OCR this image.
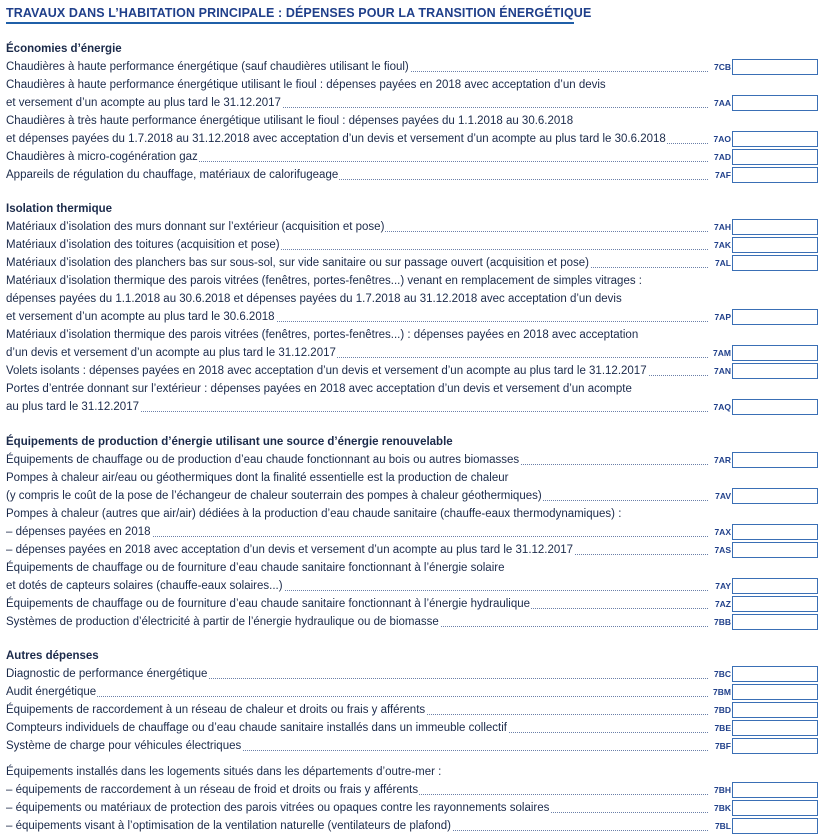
TRAVAUX DANS L’HABITATION PRINCIPALE : DÉPENSES POUR LA TRANSITION ÉNERGÉTIQUE
Économies d’énergie
Chaudières à haute performance énergétique (sauf chaudières utilisant le fioul)	7CB
Chaudières à haute performance énergétique utilisant le fioul : dépenses payées en 2018 avec acceptation d’un devis
et versement d’un acompte au plus tard le 31.12.2017	7AA
Chaudières à très haute performance énergétique utilisant le fioul : dépenses payées du 1.1.2018 au 30.6.2018
et dépenses payées du 1.7.2018 au 31.12.2018 avec acceptation d’un devis et versement d’un acompte au plus tard le 30.6.2018	7AO
Chaudières à micro-cogénération gaz	7AD
Appareils de régulation du chauffage, matériaux de calorifugeage	7AF
Isolation thermique
Matériaux d’isolation des murs donnant sur l’extérieur (acquisition et pose)	7AH
Matériaux d’isolation des toitures (acquisition et pose)	7AK
Matériaux d’isolation des planchers bas sur sous-sol, sur vide sanitaire ou sur passage ouvert (acquisition et pose)	7AL
Matériaux d’isolation thermique des parois vitrées (fenêtres, portes-fenêtres...) venant en remplacement de simples vitrages :
dépenses payées du 1.1.2018 au 30.6.2018 et dépenses payées du 1.7.2018 au 31.12.2018 avec acceptation d’un devis
et versement d’un acompte au plus tard le 30.6.2018	7AP
Matériaux d’isolation thermique des parois vitrées (fenêtres, portes-fenêtres...) : dépenses payées en 2018 avec acceptation
d’un devis et versement d’un acompte au plus tard le 31.12.2017	7AM
Volets isolants : dépenses payées en 2018 avec acceptation d’un devis et versement d’un acompte au plus tard le 31.12.2017	7AN
Portes d’entrée donnant sur l’extérieur : dépenses payées en 2018 avec acceptation d’un devis et versement d’un acompte
au plus tard le 31.12.2017	7AQ
Équipements de production d’énergie utilisant une source d’énergie renouvelable
Équipements de chauffage ou de production d’eau chaude fonctionnant au bois ou autres biomasses	7AR
Pompes à chaleur air/eau ou géothermiques dont la finalité essentielle est la production de chaleur
(y compris le coût de la pose de l’échangeur de chaleur souterrain des pompes à chaleur géothermiques)	7AV
Pompes à chaleur (autres que air/air) dédiées à la production d’eau chaude sanitaire (chauffe-eaux thermodynamiques) :
– dépenses payées en 2018	7AX
– dépenses payées en 2018 avec acceptation d’un devis et versement d’un acompte au plus tard le 31.12.2017	7AS
Équipements de chauffage ou de fourniture d’eau chaude sanitaire fonctionnant à l’énergie solaire
et dotés de capteurs solaires (chauffe-eaux solaires...)	7AY
Équipements de chauffage ou de fourniture d’eau chaude sanitaire fonctionnant à l’énergie hydraulique	7AZ
Systèmes de production d’électricité à partir de l’énergie hydraulique ou de biomasse	7BB
Autres dépenses
Diagnostic de performance énergétique	7BC
Audit énergétique	7BM
Équipements de raccordement à un réseau de chaleur et droits ou frais y afférents	7BD
Compteurs individuels de chauffage ou d’eau chaude sanitaire installés dans un immeuble collectif	7BE
Système de charge pour véhicules électriques	7BF
Équipements installés dans les logements situés dans les départements d’outre-mer :
– équipements de raccordement à un réseau de froid et droits ou frais y afférents	7BH
– équipements ou matériaux de protection des parois vitrées ou opaques contre les rayonnements solaires	7BK
– équipements visant à l’optimisation de la ventilation naturelle (ventilateurs de plafond)	7BL
